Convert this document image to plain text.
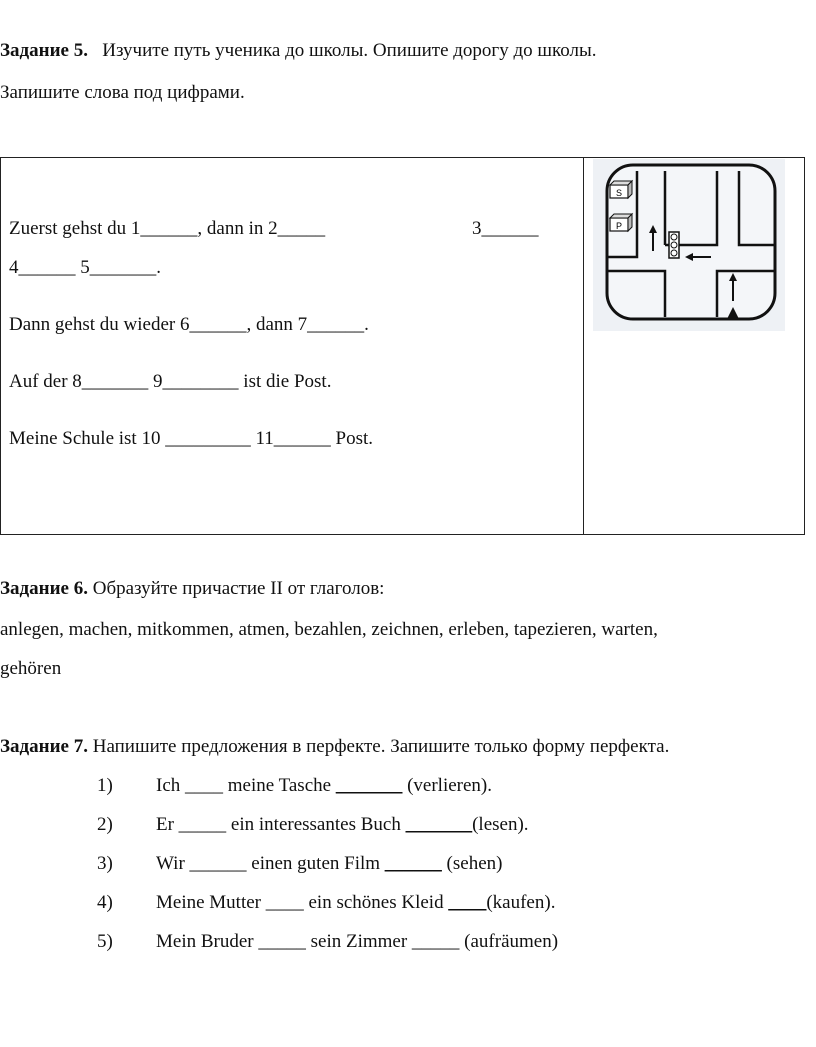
Задание 5. Изучите путь ученика до школы. Опишите дорогу до школы.
Запишите слова под цифрами.
Zuerst gehst du 1______, dann in 2_____	3______
4______ 5_______.
Dann gehst du wieder 6______, dann 7______.
Auf der 8_______ 9________ ist die Post.
Meine Schule ist 10 _________ 11______ Post.
S
P
Задание 6. Образуйте причастие II от глаголов:
anlegen, machen, mitkommen, atmen, bezahlen, zeichnen, erleben, tapezieren, warten,
gehören
Задание 7. Напишите предложения в перфекте. Запишите только форму перфекта.
1) Ich ____ meine Tasche _______ (verlieren).
2) Er _____ ein interessantes Buch _______(lesen).
3) Wir ______ einen guten Film ______ (sehen)
4) Meine Mutter ____ ein schönes Kleid ____(kaufen).
5) Mein Bruder _____ sein Zimmer _____ (aufräumen)
